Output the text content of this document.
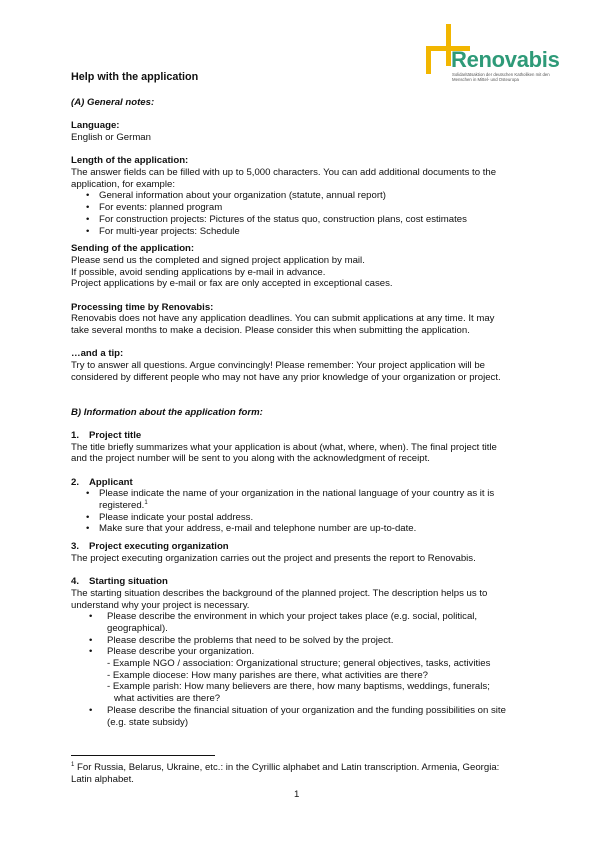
Renovabis
Solidaritätsaktion der deutschen Katholiken mit den Menschen in Mittel- und Osteuropa
Help with the application

(A) General notes:

Language:

English or German

Length of the application:

The answer fields can be filled with up to 5,000 characters. You can add additional documents to the

application, for example:

• General information about your organization (statute, annual report)
• For events: planned program
• For construction projects: Pictures of the status quo, construction plans, cost estimates
• For multi-year projects: Schedule

Sending of the application:

Please send us the completed and signed project application by mail.

If possible, avoid sending applications by e-mail in advance.

Project applications by e-mail or fax are only accepted in exceptional cases.

Processing time by Renovabis:

Renovabis does not have any application deadlines. You can submit applications at any time. It may

take several months to make a decision. Please consider this when submitting the application.

…and a tip:

Try to answer all questions. Argue convincingly! Please remember: Your project application will be

considered by different people who may not have any prior knowledge of your organization or project.

B) Information about the application form:

1. Project title

The title briefly summarizes what your application is about (what, where, when). The final project title

and the project number will be sent to you along with the acknowledgment of receipt.

2. Applicant

• Please indicate the name of your organization in the national language of your country as it is
registered.$^1$
• Please indicate your postal address.
• Make sure that your address, e-mail and telephone number are up-to-date.

3. Project executing organization

The project executing organization carries out the project and presents the report to Renovabis.

4. Starting situation

The starting situation describes the background of the planned project. The description helps us to

understand why your project is necessary.

• Please describe the environment in which your project takes place (e.g. social, political,
geographical).
• Please describe the problems that need to be solved by the project.
• Please describe your organization.
- Example NGO / association: Organizational structure; general objectives, tasks, activities
- Example diocese: How many parishes are there, what activities are there?
- Example parish: How many believers are there, how many baptisms, weddings, funerals;
what activities are there?
• Please describe the financial situation of your organization and the funding possibilities on site
(e.g. state subsidy)
$^1$ For Russia, Belarus, Ukraine, etc.: in the Cyrillic alphabet and Latin transcription. Armenia, Georgia:
Latin alphabet.
1
